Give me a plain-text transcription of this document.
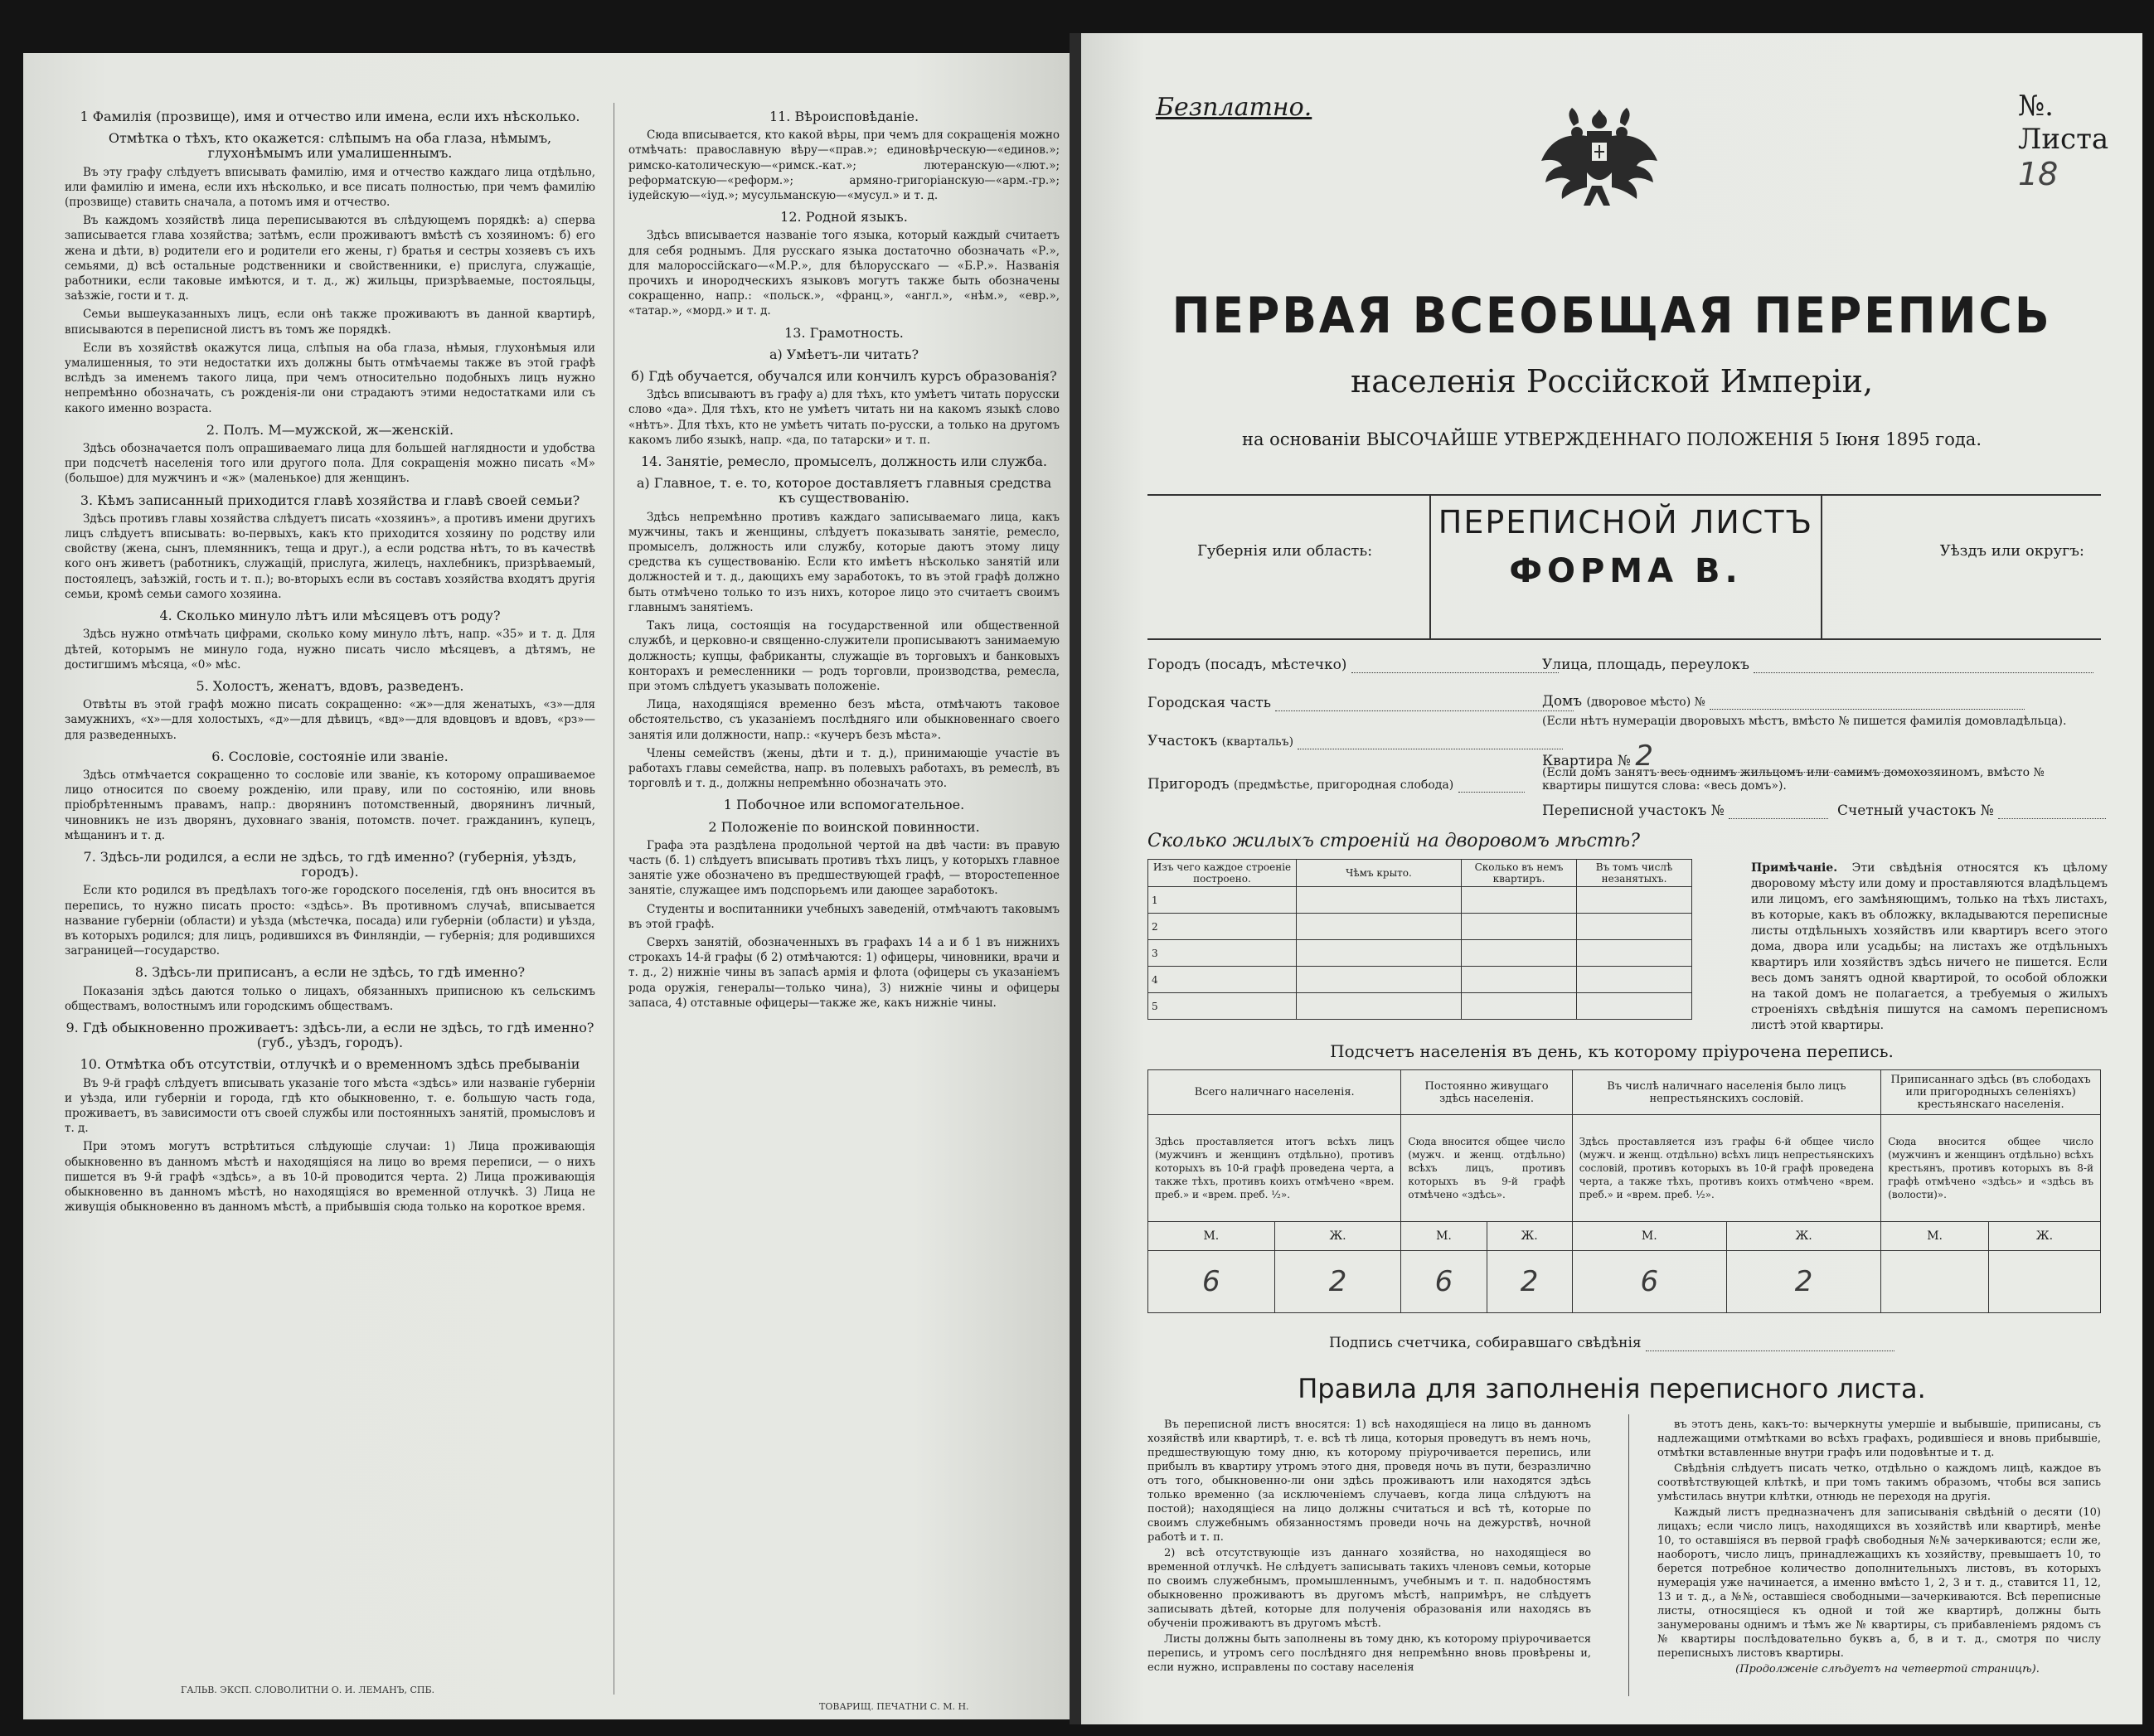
1 Фамилія (прозвище), имя и отчество или имена, если ихъ нѣсколько.
Отмѣтка о тѣхъ, кто окажется: слѣпымъ на оба глаза, нѣмымъ, глухонѣмымъ или умалишеннымъ.

Въ эту графу слѣдуетъ вписывать фамилію, имя и отчество каждаго лица отдѣльно, или фамилію и имена, если ихъ нѣсколько, и все писать полностью, при чемъ фамилію (прозвище) ставить сначала, а потомъ имя и отчество.

Въ каждомъ хозяйствѣ лица переписываются въ слѣдующемъ порядкѣ: а) сперва записывается глава хозяйства; затѣмъ, если проживаютъ вмѣстѣ съ хозяиномъ: б) его жена и дѣти, в) родители его и родители его жены, г) братья и сестры хозяевъ съ ихъ семьями, д) всѣ остальные родственники и свойственники, е) прислуга, служащіе, работники, если таковые имѣются, и т. д., ж) жильцы, призрѣваемые, постояльцы, заѣзжіе, гости и т. д.

Семьи вышеуказанныхъ лицъ, если онѣ также проживаютъ въ данной квартирѣ, вписываются в переписной листъ въ томъ же порядкѣ.

Если въ хозяйствѣ окажутся лица, слѣпыя на оба глаза, нѣмыя, глухонѣмыя или умалишенныя, то эти недостатки ихъ должны быть отмѣчаемы также въ этой графѣ вслѣдъ за именемъ такого лица, при чемъ относительно подобныхъ лицъ нужно непремѣнно обозначать, съ рожденія-ли они страдаютъ этими недостатками или съ какого именно возраста.

2. Полъ. М—мужской, ж—женскій.

Здѣсь обозначается полъ опрашиваемаго лица для большей наглядности и удобства при подсчетѣ населенія того или другого пола. Для сокращенія можно писать «М» (большое) для мужчинъ и «ж» (маленькое) для женщинъ.

3. Кѣмъ записанный приходится главѣ хозяйства и главѣ своей семьи?

Здѣсь противъ главы хозяйства слѣдуетъ писать «хозяинъ», а противъ имени другихъ лицъ слѣдуетъ вписывать: во-первыхъ, какъ кто приходится хозяину по родству или свойству (жена, сынъ, племянникъ, теща и друг.), а если родства нѣтъ, то въ качествѣ кого онъ живетъ (работникъ, служащій, прислуга, жилецъ, нахлебникъ, призрѣваемый, постоялецъ, заѣзжій, гость и т. п.); во-вторыхъ если въ составъ хозяйства входятъ другія семьи, кромѣ семьи самого хозяина.

4. Сколько минуло лѣтъ или мѣсяцевъ отъ роду?

Здѣсь нужно отмѣчать цифрами, сколько кому минуло лѣтъ, напр. «35» и т. д. Для дѣтей, которымъ не минуло года, нужно писать число мѣсяцевъ, а дѣтямъ, не достигшимъ мѣсяца, «0» мѣс.

5. Холостъ, женатъ, вдовъ, разведенъ.

Отвѣты въ этой графѣ можно писать сокращенно: «ж»—для женатыхъ, «з»—для замужнихъ, «х»—для холостыхъ, «д»—для дѣвицъ, «вд»—для вдовцовъ и вдовъ, «рз»—для разведенныхъ.

6. Сословіе, состояніе или званіе.

Здѣсь отмѣчается сокращенно то сословіе или званіе, къ которому опрашиваемое лицо относится по своему рожденію, или праву, или по состоянію, или вновь пріобрѣтеннымъ правамъ, напр.: дворянинъ потомственный, дворянинъ личный, чиновникъ не изъ дворянъ, духовнаго званія, потомств. почет. гражданинъ, купецъ, мѣщанинъ и т. д.

7. Здѣсь-ли родился, а если не здѣсь, то гдѣ именно? (губернія, уѣздъ, городъ).

Если кто родился въ предѣлахъ того-же городского поселенія, гдѣ онъ вносится въ перепись, то нужно писать просто: «здѣсь». Въ противномъ случаѣ, вписывается название губерніи (области) и уѣзда (мѣстечка, посада) или губерніи (области) и уѣзда, въ которыхъ родился; для лицъ, родившихся въ Финляндіи, — губернія; для родившихся заграницей—государство.

8. Здѣсь-ли приписанъ, а если не здѣсь, то гдѣ именно?

Показанія здѣсь даются только о лицахъ, обязанныхъ приписною къ сельскимъ обществамъ, волостнымъ или городскимъ обществамъ.

9. Гдѣ обыкновенно проживаетъ: здѣсь-ли, а если не здѣсь, то гдѣ именно? (губ., уѣздъ, городъ).
10. Отмѣтка объ отсутствіи, отлучкѣ и о временномъ здѣсь пребываніи

Въ 9-й графѣ слѣдуетъ вписывать указаніе того мѣста «здѣсь» или названіе губерніи и уѣзда, или губерніи и города, гдѣ кто обыкновенно, т. е. большую часть года, проживаетъ, въ зависимости отъ своей службы или постоянныхъ занятій, промысловъ и т. д.

При этомъ могутъ встрѣтиться слѣдующіе случаи: 1) Лица проживающія обыкновенно въ данномъ мѣстѣ и находящіяся на лицо во время переписи, — о нихъ пишется въ 9-й графѣ «здѣсь», а въ 10-й проводится черта. 2) Лица проживающія обыкновенно въ данномъ мѣстѣ, но находящіяся во временной отлучкѣ. 3) Лица не живущія обыкновенно въ данномъ мѣстѣ, а прибывшія сюда только на короткое время.

ГАЛЬВ. ЭКСП. СЛОВОЛИТНИ О. И. ЛЕМАНЪ, СПБ.
11. Вѣроисповѣданіе.

Сюда вписывается, кто какой вѣры, при чемъ для сокращенія можно отмѣчать: православную вѣру—«прав.»; единовѣрческую—«единов.»; римско-католическую—«римск.-кат.»; лютеранскую—«лют.»; реформатскую—«реформ.»; армяно-григоріанскую—«арм.-гр.»; іудейскую—«іуд.»; мусульманскую—«мусул.» и т. д.

12. Родной языкъ.

Здѣсь вписывается названіе того языка, который каждый считаетъ для себя роднымъ. Для русскаго языка достаточно обозначать «Р.», для малороссійскаго—«М.Р.», для бѣлорусскаго — «Б.Р.». Названія прочихъ и инородческихъ языковъ могутъ также быть обозначены сокращенно, напр.: «польск.», «франц.», «англ.», «нѣм.», «евр.», «татар.», «морд.» и т. д.

13. Грамотность.
а) Умѣетъ-ли читать?
б) Гдѣ обучается, обучался или кончилъ курсъ образованія?

Здѣсь вписываютъ въ графу а) для тѣхъ, кто умѣетъ читать порусски слово «да». Для тѣхъ, кто не умѣетъ читать ни на какомъ языкѣ слово «нѣтъ». Для тѣхъ, кто не умѣетъ читать по-русски, а только на другомъ какомъ либо языкѣ, напр. «да, по татарски» и т. п.

14. Занятіе, ремесло, промыселъ, должность или служба.
а) Главное, т. е. то, которое доставляетъ главныя средства къ существованію.

Здѣсь непремѣнно противъ каждаго записываемаго лица, какъ мужчины, такъ и женщины, слѣдуетъ показывать занятіе, ремесло, промыселъ, должность или службу, которые даютъ этому лицу средства къ существованію. Если кто имѣетъ нѣсколько занятій или должностей и т. д., дающихъ ему заработокъ, то въ этой графѣ должно быть отмѣчено только то изъ нихъ, которое лицо это считаетъ своимъ главнымъ занятіемъ.

Такъ лица, состоящія на государственной или общественной службѣ, и церковно-и священно-служители прописываютъ занимаемую должность; купцы, фабриканты, служащіе въ торговыхъ и банковыхъ конторахъ и ремесленники — родъ торговли, производства, ремесла, при этомъ слѣдуетъ указывать положеніе.

Лица, находящіяся временно безъ мѣста, отмѣчаютъ таковое обстоятельство, съ указаніемъ послѣдняго или обыкновеннаго своего занятія или должности, напр.: «кучеръ безъ мѣста».

Члены семействъ (жены, дѣти и т. д.), принимающіе участіе въ работахъ главы семейства, напр. въ полевыхъ работахъ, въ ремеслѣ, въ торговлѣ и т. д., должны непремѣнно обозначать это.

1 Побочное или вспомогательное.
2 Положеніе по воинской повинности.

Графа эта раздѣлена продольной чертой на двѣ части: въ правую часть (б. 1) слѣдуетъ вписывать противъ тѣхъ лицъ, у которыхъ главное занятіе уже обозначено въ предшествующей графѣ, — второстепенное занятіе, служащее имъ подспорьемъ или дающее заработокъ.

Студенты и воспитанники учебныхъ заведеній, отмѣчаютъ таковымъ въ этой графѣ.

Сверхъ занятій, обозначенныхъ въ графахъ 14 а и б 1 въ нижнихъ строкахъ 14-й графы (б 2) отмѣчаются: 1) офицеры, чиновники, врачи и т. д., 2) нижніе чины въ запасѣ армія и флота (офицеры съ указаніемъ рода оружія, генералы—только чина), 3) нижніе чины и офицеры запаса, 4) отставные офицеры—также же, какъ нижніе чины.

ТОВАРИЩ. ПЕЧАТНИ С. М. Н.
Безплатно.	№. Листа 18
ПЕРВАЯ ВСЕОБЩАЯ ПЕРЕПИСЬ
населенія Россійской Имперіи,
на основаніи ВЫСОЧАЙШЕ УТВЕРЖДЕННАГО ПОЛОЖЕНІЯ 5 Іюня 1895 года.
Губернія или область:
ПЕРЕПИСНОЙ ЛИСТЪ
ФОРМА В.
Уѣздъ или округъ:
Городъ (посадъ, мѣстечко)
Городская часть
Участокъ (квартальъ)
Пригородъ (предмѣстье, пригородная слобода)
Улица, площадь, переулокъ
Домъ (дворовое мѣсто) №
(Если нѣтъ нумераціи дворовыхъ мѣстъ, вмѣсто № пишется фамилія домовладѣльца).
Квартира № 2
(Если домъ занятъ весь однимъ жильцомъ или самимъ домохозяиномъ, вмѣсто № квартиры пишутся слова: «весь домъ»).
Переписной участокъ №	Счетный участокъ №
Сколько жилыхъ строеній на дворовомъ мѣстѣ?
Изъ чего каждое строеніе построено.	Чѣмъ крыто.	Сколько въ немъ квартиръ.	Въ томъ числѣ незанятыхъ.
1			
2			
3			
4			
5			
Примѣчаніе. Эти свѣдѣнія относятся къ цѣлому дворовому мѣсту или дому и проставляются владѣльцемъ или лицомъ, его замѣняющимъ, только на тѣхъ листахъ, въ которые, какъ въ обложку, вкладываются переписные листы отдѣльныхъ хозяйствъ или квартиръ всего этого дома, двора или усадьбы; на листахъ же отдѣльныхъ квартиръ или хозяйствъ здѣсь ничего не пишется. Если весь домъ занятъ одной квартирой, то особой обложки на такой домъ не полагается, а требуемыя о жилыхъ строеніяхъ свѣдѣнія пишутся на самомъ переписномъ листѣ этой квартиры.
Подсчетъ населенія въ день, къ которому пріурочена перепись.
Всего наличнаго населенія.		Постоянно живущаго здѣсь населенія.		Въ числѣ наличнаго населенія было лицъ непрестьянскихъ сословій.		Приписаннаго здѣсь (въ слободахъ или пригородныхъ селеніяхъ) крестьянскаго населенія.	
Здѣсь проставляется итогъ всѣхъ лицъ (мужчинъ и женщинъ отдѣльно), противъ которыхъ въ 10-й графѣ проведена черта, а также тѣхъ, противъ коихъ отмѣчено «врем. преб.» и «врем. преб. ½».		Сюда вносится общее число (мужч. и женщ. отдѣльно) всѣхъ лицъ, противъ которыхъ въ 9-й графѣ отмѣчено «здѣсь».		Здѣсь проставляется изъ графы 6-й общее число (мужч. и женщ. отдѣльно) всѣхъ лицъ непрестьянскихъ сословій, противъ которыхъ въ 10-й графѣ проведена черта, а также тѣхъ, противъ коихъ отмѣчено «врем. преб.» и «врем. преб. ½».		Сюда вносится общее число (мужчинъ и женщинъ отдѣльно) всѣхъ крестьянъ, противъ которыхъ въ 8-й графѣ отмѣчено «здѣсь» и «здѣсь въ (волости)».	
М.	Ж.	М.	Ж.	М.	Ж.	М.	Ж.
6	2	6	2	6	2		
Подпись счетчика, собиравшаго свѣдѣнія
Правила для заполненія переписного листа.

Въ переписной листъ вносятся: 1) всѣ находящіеся на лицо въ данномъ хозяйствѣ или квартирѣ, т. е. всѣ тѣ лица, которыя проведутъ въ немъ ночь, предшествующую тому дню, къ которому пріурочивается перепись, или прибылъ въ квартиру утромъ этого дня, проведя ночь въ пути, безразлично отъ того, обыкновенно-ли они здѣсь проживаютъ или находятся здѣсь только временно (за исключеніемъ случаевъ, когда лица слѣдуютъ на постой); находящіеся на лицо должны считаться и всѣ тѣ, которые по своимъ служебнымъ обязанностямъ проведи ночь на дежурствѣ, ночной работѣ и т. п.

2) всѣ отсутствующіе изъ даннаго хозяйства, но находящіеся во временной отлучкѣ. Не слѣдуетъ записывать такихъ членовъ семьи, которые по своимъ служебнымъ, промышленнымъ, учебнымъ и т. п. надобностямъ обыкновенно проживаютъ въ другомъ мѣстѣ, напримѣръ, не слѣдуетъ записывать дѣтей, которые для полученія образованія или находясь въ обученіи проживаютъ въ другомъ мѣстѣ.

Листы должны быть заполнены въ тому дню, къ которому пріурочивается перепись, и утромъ сего послѣдняго дня непремѣнно вновь провѣрены и, если нужно, исправлены по составу населенія

въ этотъ день, какъ-то: вычеркнуты умершіе и выбывшіе, приписаны, съ надлежащими отмѣтками во всѣхъ графахъ, родившіеся и вновь прибывшіе, отмѣтки вставленные внутри графъ или подовѣнтые и т. д.

Свѣдѣнія слѣдуетъ писать четко, отдѣльно о каждомъ лицѣ, каждое въ соотвѣтствующей клѣткѣ, и при томъ такимъ образомъ, чтобы вся запись умѣстилась внутри клѣтки, отнюдь не переходя на другія.

Каждый листъ предназначенъ для записыванія свѣдѣній о десяти (10) лицахъ; если число лицъ, находящихся въ хозяйствѣ или квартирѣ, менѣе 10, то оставшіяся въ первой графѣ свободныя №№ зачеркиваются; если же, наоборотъ, число лицъ, принадлежащихъ къ хозяйству, превышаетъ 10, то берется потребное количество дополнительныхъ листовъ, въ которыхъ нумерація уже начинается, а именно вмѣсто 1, 2, 3 и т. д., ставится 11, 12, 13 и т. д., а №№, оставшіеся свободными—зачеркиваются. Всѣ переписные листы, относящіеся къ одной и той же квартирѣ, должны быть занумерованы однимъ и тѣмъ же № квартиры, съ прибавленіемъ рядомъ съ № квартиры послѣдовательно буквъ а, б, в и т. д., смотря по числу переписныхъ листовъ квартиры.

(Продолженіе слѣдуетъ на четвертой страницѣ).
